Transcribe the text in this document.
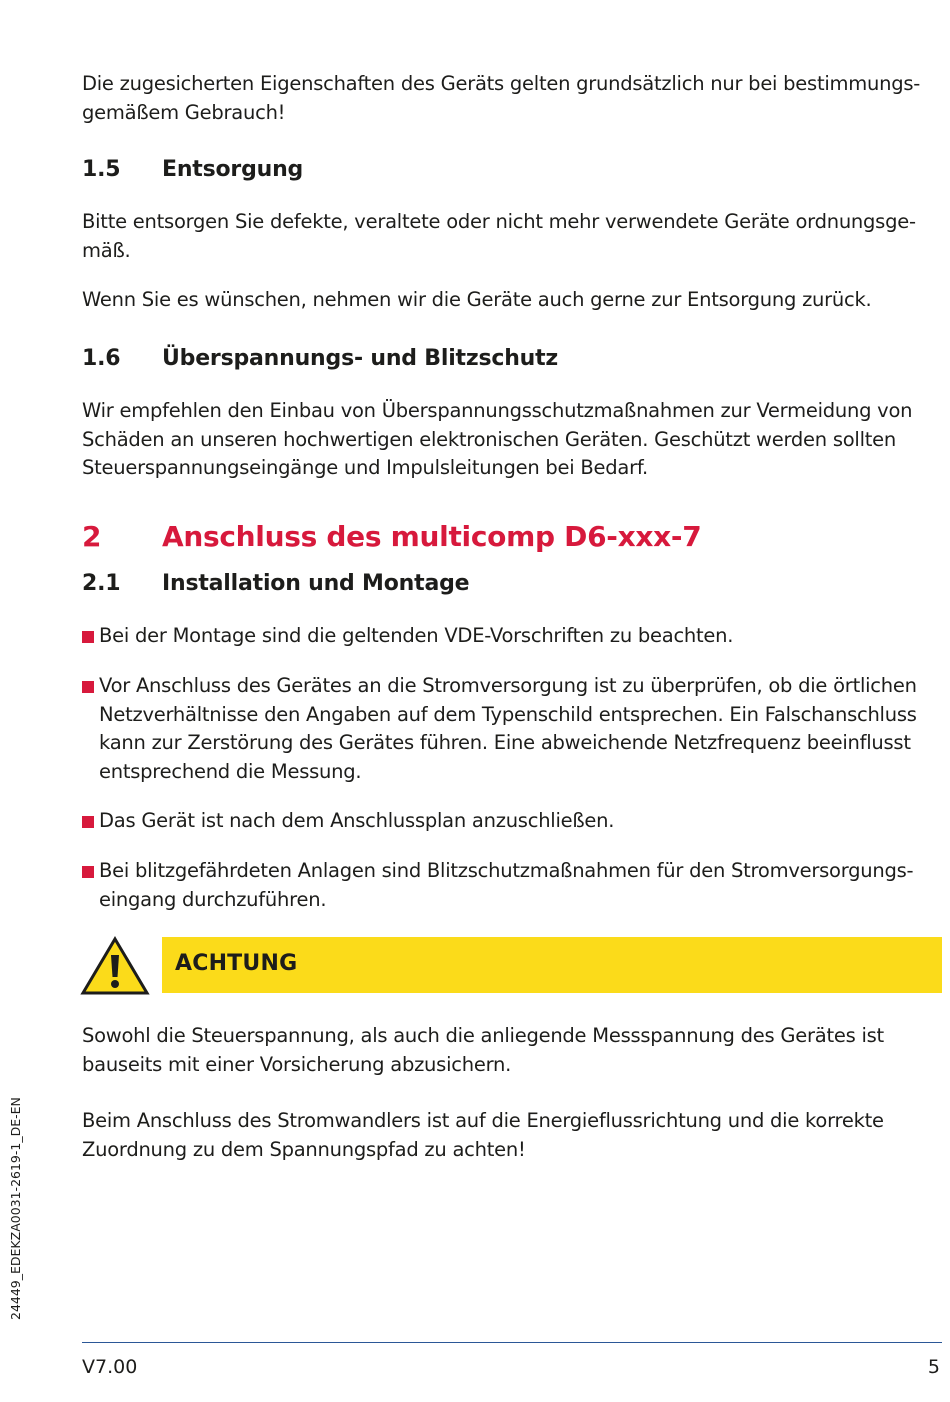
Die zugesicherten Eigenschaften des Geräts gelten grundsätzlich nur bei bestimmungs-
gemäßem Gebrauch!

1.5 Entsorgung

Bitte entsorgen Sie defekte, veraltete oder nicht mehr verwendete Geräte ordnungsge-
mäß.

Wenn Sie es wünschen, nehmen wir die Geräte auch gerne zur Entsorgung zurück.

1.6 Überspannungs- und Blitzschutz

Wir empfehlen den Einbau von Überspannungsschutzmaßnahmen zur Vermeidung von
Schäden an unseren hochwertigen elektronischen Geräten. Geschützt werden sollten
Steuerspannungseingänge und Impulsleitungen bei Bedarf.

2 Anschluss des multicomp D6-xxx-7
2.1 Installation und Montage
Bei der Montage sind die geltenden VDE-Vorschriften zu beachten.
Vor Anschluss des Gerätes an die Stromversorgung ist zu überprüfen, ob die örtlichen
Netzverhältnisse den Angaben auf dem Typenschild entsprechen. Ein Falschanschluss
kann zur Zerstörung des Gerätes führen. Eine abweichende Netzfrequenz beeinflusst
entsprechend die Messung.
Das Gerät ist nach dem Anschlussplan anzuschließen.
Bei blitzgefährdeten Anlagen sind Blitzschutzmaßnahmen für den Stromversorgungs-
eingang durchzuführen.
ACHTUNG

Sowohl die Steuerspannung, als auch die anliegende Messspannung des Gerätes ist
bauseits mit einer Vorsicherung abzusichern.

Beim Anschluss des Stromwandlers ist auf die Energieflussrichtung und die korrekte
Zuordnung zu dem Spannungspfad zu achten!

24449_EDEKZA0031-2619-1_DE-EN
V7.00	5
